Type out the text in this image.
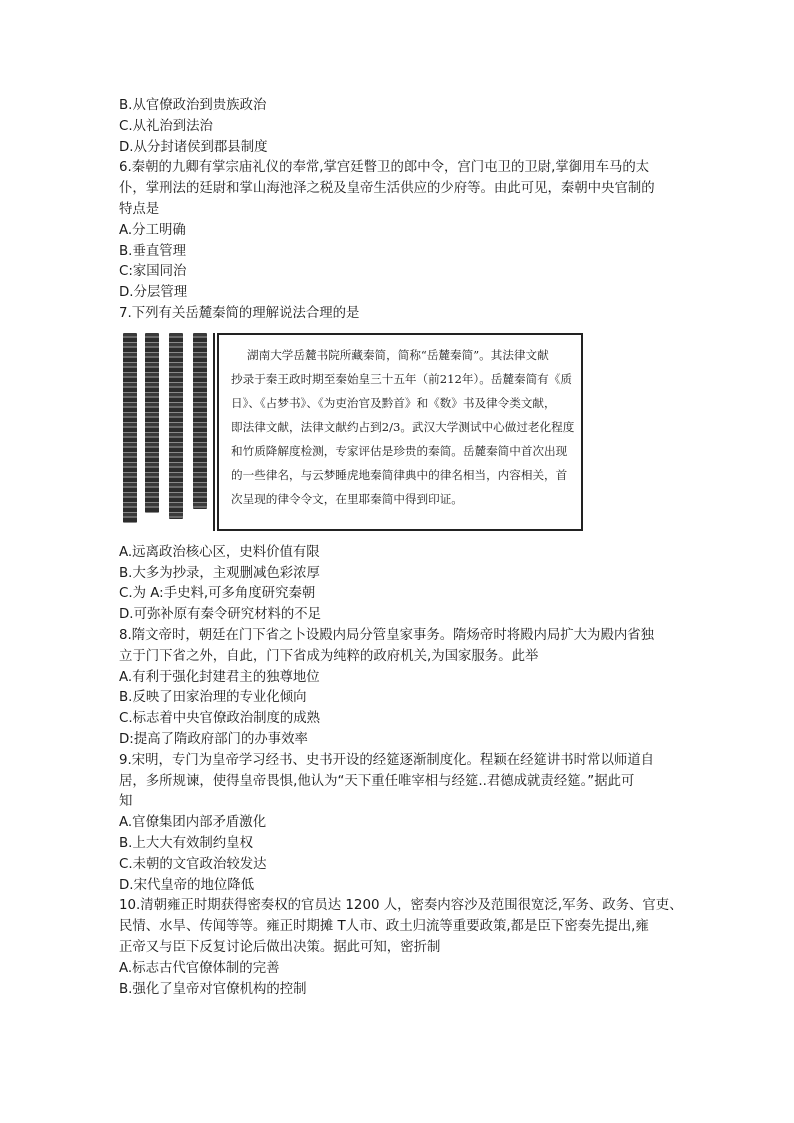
B.从官僚政治到贵族政治
C.从礼治到法治
D.从分封诸侯到郡县制度
6.秦朝的九卿有掌宗庙礼仪的奉常,掌宫廷瞥卫的郎中令，宫门屯卫的卫尉,掌御用车马的太
仆，掌刑法的廷尉和掌山海池泽之税及皇帝生活供应的少府等。由此可见，秦朝中央官制的
特点是
A.分工明确
B.垂直管理
C:家国同治
D.分层管理
7.下列有关岳麓秦简的理解说法合理的是
湖南大学岳麓书院所藏秦简，简称“岳麓秦简”。其法律文献
抄录于秦王政时期至秦始皇三十五年（前212年）。岳麓秦简有《质
日》、《占梦书》、《为吏治官及黔首》和《数》书及律令类文献，
即法律文献，法律文献约占到2/3。武汉大学测试中心做过老化程度
和竹质降解度检测，专家评估是珍贵的秦简。岳麓秦简中首次出现
的一些律名，与云梦睡虎地秦简律典中的律名相当，内容相关，首
次呈现的律令令文，在里耶秦简中得到印证。
A.远离政治核心区，史料价值有限
B.大多为抄录，主观删减色彩浓厚
C.为 A:手史料,可多角度研究秦朝
D.可弥补原有秦令研究材料的不足
8.隋文帝时，朝廷在门下省之卜设殿内局分管皇家事务。隋炀帝时将殿内局扩大为殿内省独
立于门下省之外，自此，门下省成为纯粹的政府机关,为国家服务。此举
A.有利于强化封建君主的独尊地位
B.反映了田家治理的专业化倾向
C.标志着中央官僚政治制度的成熟
D:提高了隋政府部门的办事效率
9.宋明，专门为皇帝学习经书、史书开设的经筵逐渐制度化。程颖在经筵讲书时常以师道自
居，多所规谏，使得皇帝畏惧,他认为“天下重任唯宰相与经筵..君德成就责经筵。”据此可
知
A.官僚集团内部矛盾激化
B.上大大有效制约皇权
C.未朝的文官政治较发达
D.宋代皇帝的地位降低
10.清朝雍正时期获得密奏权的官员达 1200 人，密奏内容沙及范围很宽泛,军务、政务、官吏、
民情、水旱、传闻等等。雍正时期摊 T人市、政土归流等重要政策,都是臣下密奏先提出,雍
正帝又与臣下反复讨论后做出决策。据此可知，密折制
A.标志古代官僚体制的完善
B.强化了皇帝对官僚机构的控制
